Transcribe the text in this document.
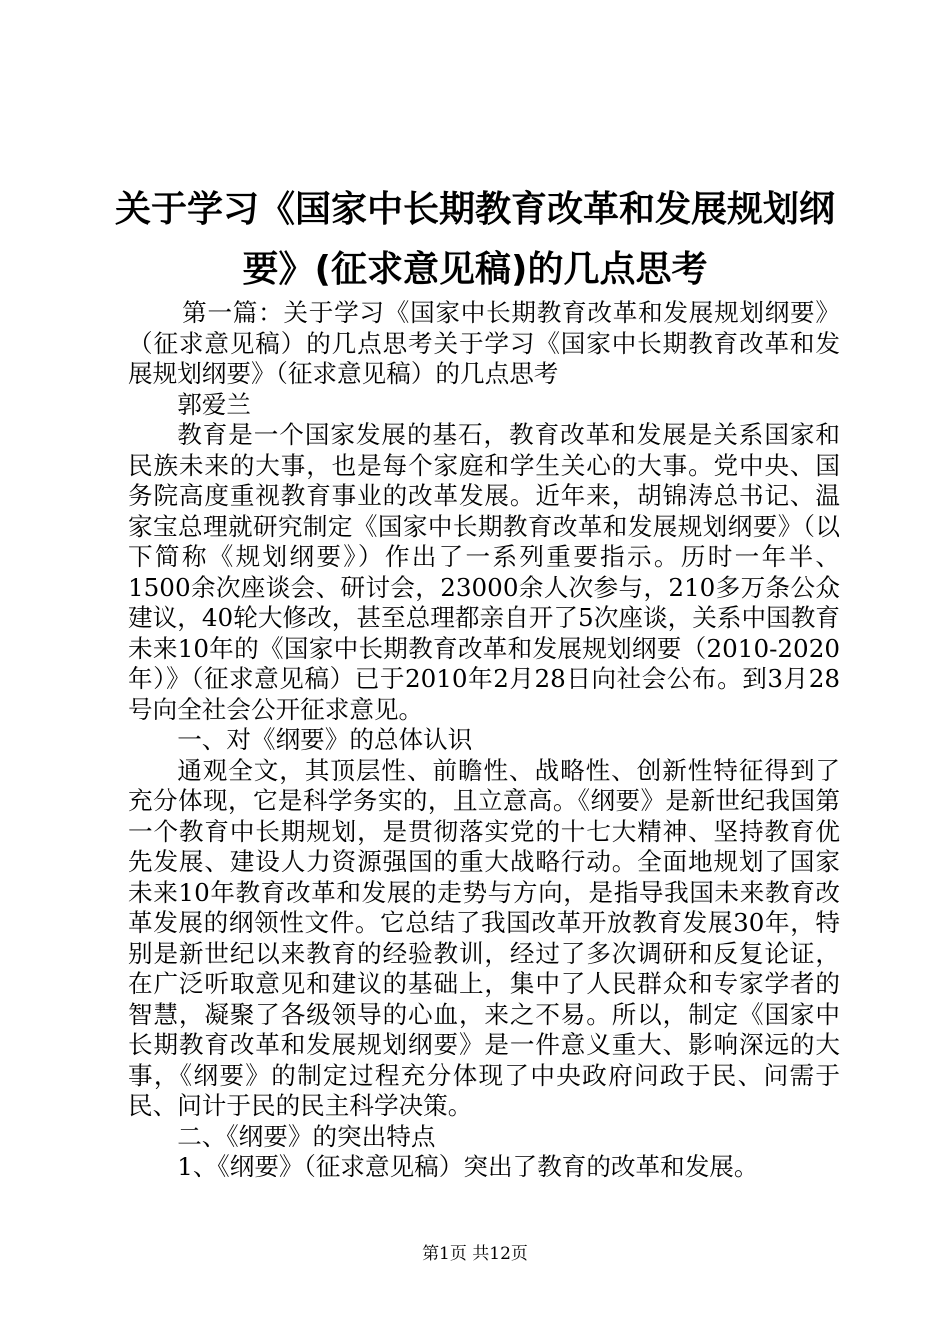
关于学习《国家中长期教育改革和发展规划纲
要》(征求意见稿)的几点思考

第一篇：关于学习《国家中长期教育改革和发展规划纲要》（征求意见稿）的几点思考关于学习《国家中长期教育改革和发展规划纲要》（征求意见稿）的几点思考

郭爱兰

教育是一个国家发展的基石，教育改革和发展是关系国家和民族未来的大事，也是每个家庭和学生关心的大事。党中央、国务院高度重视教育事业的改革发展。近年来，胡锦涛总书记、温家宝总理就研究制定《国家中长期教育改革和发展规划纲要》（以下简称《规划纲要》）作出了一系列重要指示。历时一年半、1500余次座谈会、研讨会，23000余人次参与，210多万条公众建议，40轮大修改，甚至总理都亲自开了5次座谈，关系中国教育未来10年的《国家中长期教育改革和发展规划纲要（2010-2020年）》（征求意见稿）已于2010年2月28日向社会公布。到3月28号向全社会公开征求意见。

一、对《纲要》的总体认识

通观全文，其顶层性、前瞻性、战略性、创新性特征得到了充分体现，它是科学务实的，且立意高。《纲要》是新世纪我国第一个教育中长期规划，是贯彻落实党的十七大精神、坚持教育优先发展、建设人力资源强国的重大战略行动。全面地规划了国家未来10年教育改革和发展的走势与方向，是指导我国未来教育改革发展的纲领性文件。它总结了我国改革开放教育发展30年，特别是新世纪以来教育的经验教训，经过了多次调研和反复论证，在广泛听取意见和建议的基础上，集中了人民群众和专家学者的智慧，凝聚了各级领导的心血，来之不易。所以，制定《国家中长期教育改革和发展规划纲要》是一件意义重大、影响深远的大事，《纲要》的制定过程充分体现了中央政府问政于民、问需于民、问计于民的民主科学决策。

二、《纲要》的突出特点

1、《纲要》（征求意见稿）突出了教育的改革和发展。

第1页 共12页
